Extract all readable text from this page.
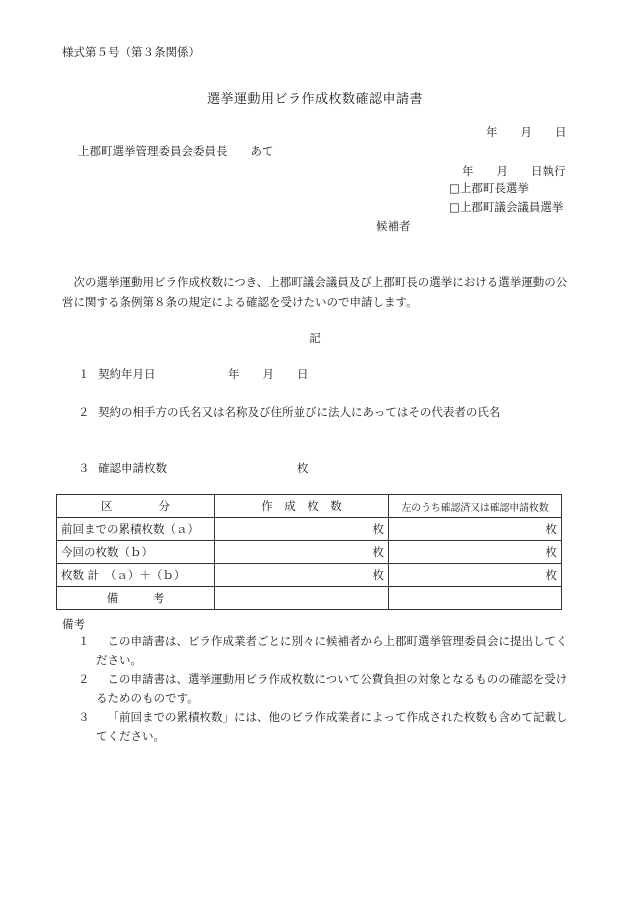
様式第５号（第３条関係）
選挙運動用ビラ作成枚数確認申請書
年　　月　　日
上郡町選挙管理委員会委員長　　あて
年　　月　　日執行
□上郡町長選挙
□上郡町議会議員選挙
候補者
次の選挙運動用ビラ作成枚数につき、上郡町議会議員及び上郡町長の選挙における選挙運動の公営に関する条例第８条の規定による確認を受けたいので申請します。
記
１ 契約年月日	年　　月　　日
２ 契約の相手方の氏名又は名称及び住所並びに法人にあってはその代表者の氏名
３ 確認申請枚数	枚
区　　　　分	作　成　枚　数	左のうち確認済又は確認申請枚数
前回までの累積枚数（ａ）	枚	枚
今回の枚数（ｂ）	枚	枚
枚数 計　（ａ）＋（ｂ）	枚	枚
備　　　考		
備考
１	この申請書は、ビラ作成業者ごとに別々に候補者から上郡町選挙管理委員会に提出してください。
２	この申請書は、選挙運動用ビラ作成枚数について公費負担の対象となるものの確認を受けるためのものです。
３	「前回までの累積枚数」には、他のビラ作成業者によって作成された枚数も含めて記載してください。
